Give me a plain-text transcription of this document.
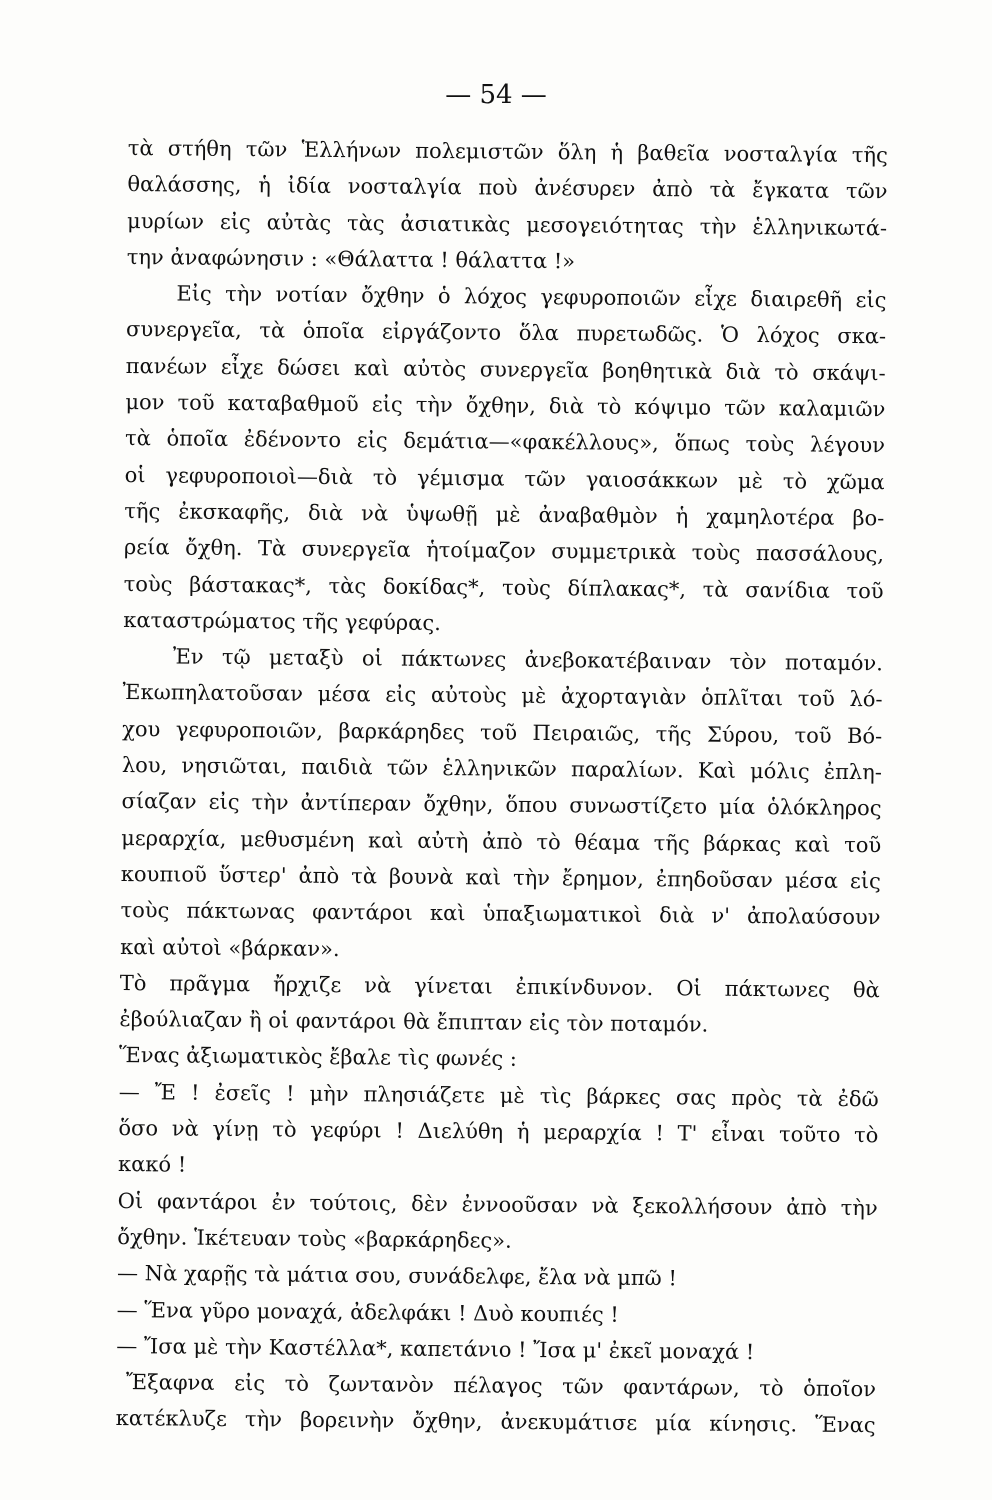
— 54 —
τὰ στήθη τῶν Ἑλλήνων πολεμιστῶν ὅλη ἡ βαθεῖα νοσταλγία τῆς
θαλάσσης, ἡ ἰδία νοσταλγία ποὺ ἀνέσυρεν ἀπὸ τὰ ἔγκατα τῶν
μυρίων εἰς αὐτὰς τὰς ἀσιατικὰς μεσογειότητας τὴν ἑλληνικωτά-
την ἀναφώνησιν : «Θάλαττα ! θάλαττα !»
Εἰς τὴν νοτίαν ὄχθην ὁ λόχος γεφυροποιῶν εἶχε διαιρεθῆ εἰς
συνεργεῖα, τὰ ὁποῖα εἰργάζοντο ὅλα πυρετωδῶς. Ὁ λόχος σκα-
πανέων εἶχε δώσει καὶ αὐτὸς συνεργεῖα βοηθητικὰ διὰ τὸ σκάψι-
μον τοῦ καταβαθμοῦ εἰς τὴν ὄχθην, διὰ τὸ κόψιμο τῶν καλαμιῶν
τὰ ὁποῖα ἐδένοντο εἰς δεμάτια—«φακέλλους», ὅπως τοὺς λέγουν
οἱ γεφυροποιοὶ—διὰ τὸ γέμισμα τῶν γαιοσάκκων μὲ τὸ χῶμα
τῆς ἐκσκαφῆς, διὰ νὰ ὑψωθῇ μὲ ἀναβαθμὸν ἡ χαμηλοτέρα βο-
ρεία ὄχθη. Τὰ συνεργεῖα ἡτοίμαζον συμμετρικὰ τοὺς πασσάλους,
τοὺς βάστακας*, τὰς δοκίδας*, τοὺς δίπλακας*, τὰ σανίδια τοῦ
καταστρώματος τῆς γεφύρας.
Ἐν τῷ μεταξὺ οἱ πάκτωνες ἀνεβοκατέβαιναν τὸν ποταμόν.
Ἐκωπηλατοῦσαν μέσα εἰς αὐτοὺς μὲ ἀχορταγιὰν ὁπλῖται τοῦ λό-
χου γεφυροποιῶν, βαρκάρηδες τοῦ Πειραιῶς, τῆς Σύρου, τοῦ Βό-
λου, νησιῶται, παιδιὰ τῶν ἑλληνικῶν παραλίων. Καὶ μόλις ἐπλη-
σίαζαν εἰς τὴν ἀντίπεραν ὄχθην, ὅπου συνωστίζετο μία ὁλόκληρος
μεραρχία, μεθυσμένη καὶ αὐτὴ ἀπὸ τὸ θέαμα τῆς βάρκας καὶ τοῦ
κουπιοῦ ὕστερ' ἀπὸ τὰ βουνὰ καὶ τὴν ἔρημον, ἐπηδοῦσαν μέσα εἰς
τοὺς πάκτωνας φαντάροι καὶ ὑπαξιωματικοὶ διὰ ν' ἀπολαύσουν
καὶ αὐτοὶ «βάρκαν».
Τὸ πρᾶγμα ἤρχιζε νὰ γίνεται ἐπικίνδυνον. Οἱ πάκτωνες θὰ
ἐβούλιαζαν ἢ οἱ φαντάροι θὰ ἔπιπταν εἰς τὸν ποταμόν.
Ἕνας ἀξιωματικὸς ἔβαλε τὶς φωνές :
— Ἔ ! ἐσεῖς ! μὴν πλησιάζετε μὲ τὶς βάρκες σας πρὸς τὰ ἐδῶ
ὅσο νὰ γίνῃ τὸ γεφύρι ! Διελύθη ἡ μεραρχία ! Τ' εἶναι τοῦτο τὸ
κακό !
Οἱ φαντάροι ἐν τούτοις, δὲν ἐννοοῦσαν νὰ ξεκολλήσουν ἀπὸ τὴν
ὄχθην. Ἱκέτευαν τοὺς «βαρκάρηδες».
— Νὰ χαρῇς τὰ μάτια σου, συνάδελφε, ἔλα νὰ μπῶ !
— Ἕνα γῦρο μοναχά, ἀδελφάκι ! Δυὸ κουπιές !
— Ἴσα μὲ τὴν Καστέλλα*, καπετάνιο ! Ἴσα μ' ἐκεῖ μοναχά !
Ἔξαφνα εἰς τὸ ζωντανὸν πέλαγος τῶν φαντάρων, τὸ ὁποῖον
κατέκλυζε τὴν βορεινὴν ὄχθην, ἀνεκυμάτισε μία κίνησις. Ἕνας
